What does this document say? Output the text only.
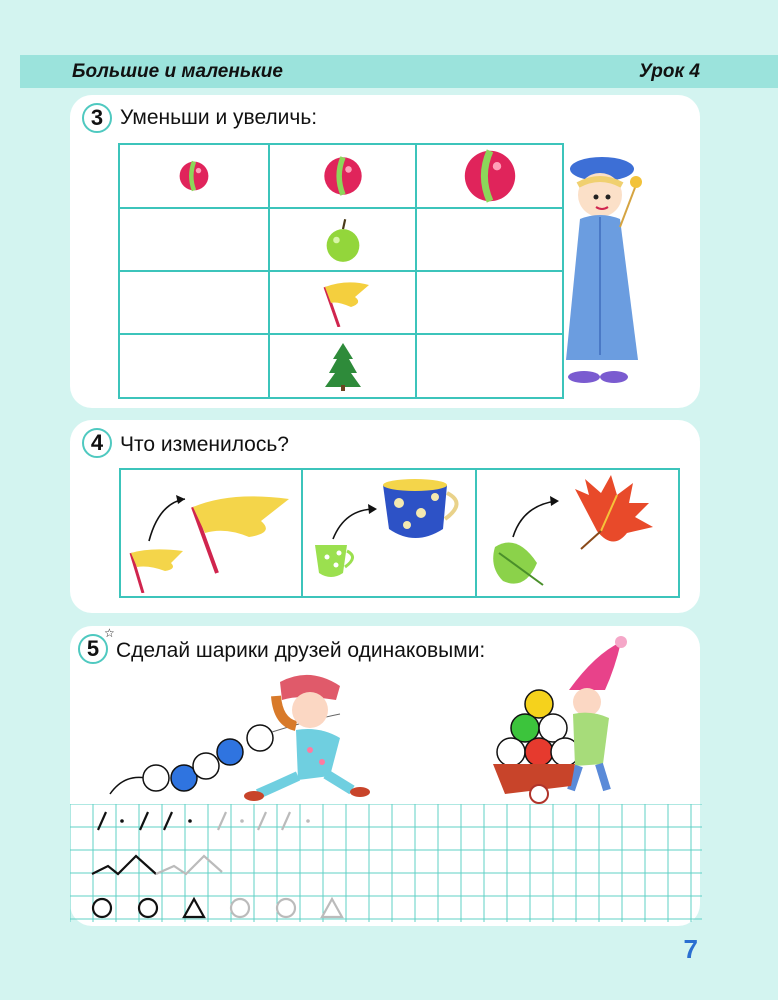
Большие и маленькие	Урок 4
3 Уменьши и увеличь:

4 Что изменилось?

5
☆
Сделай шарики друзей одинаковыми:
7
